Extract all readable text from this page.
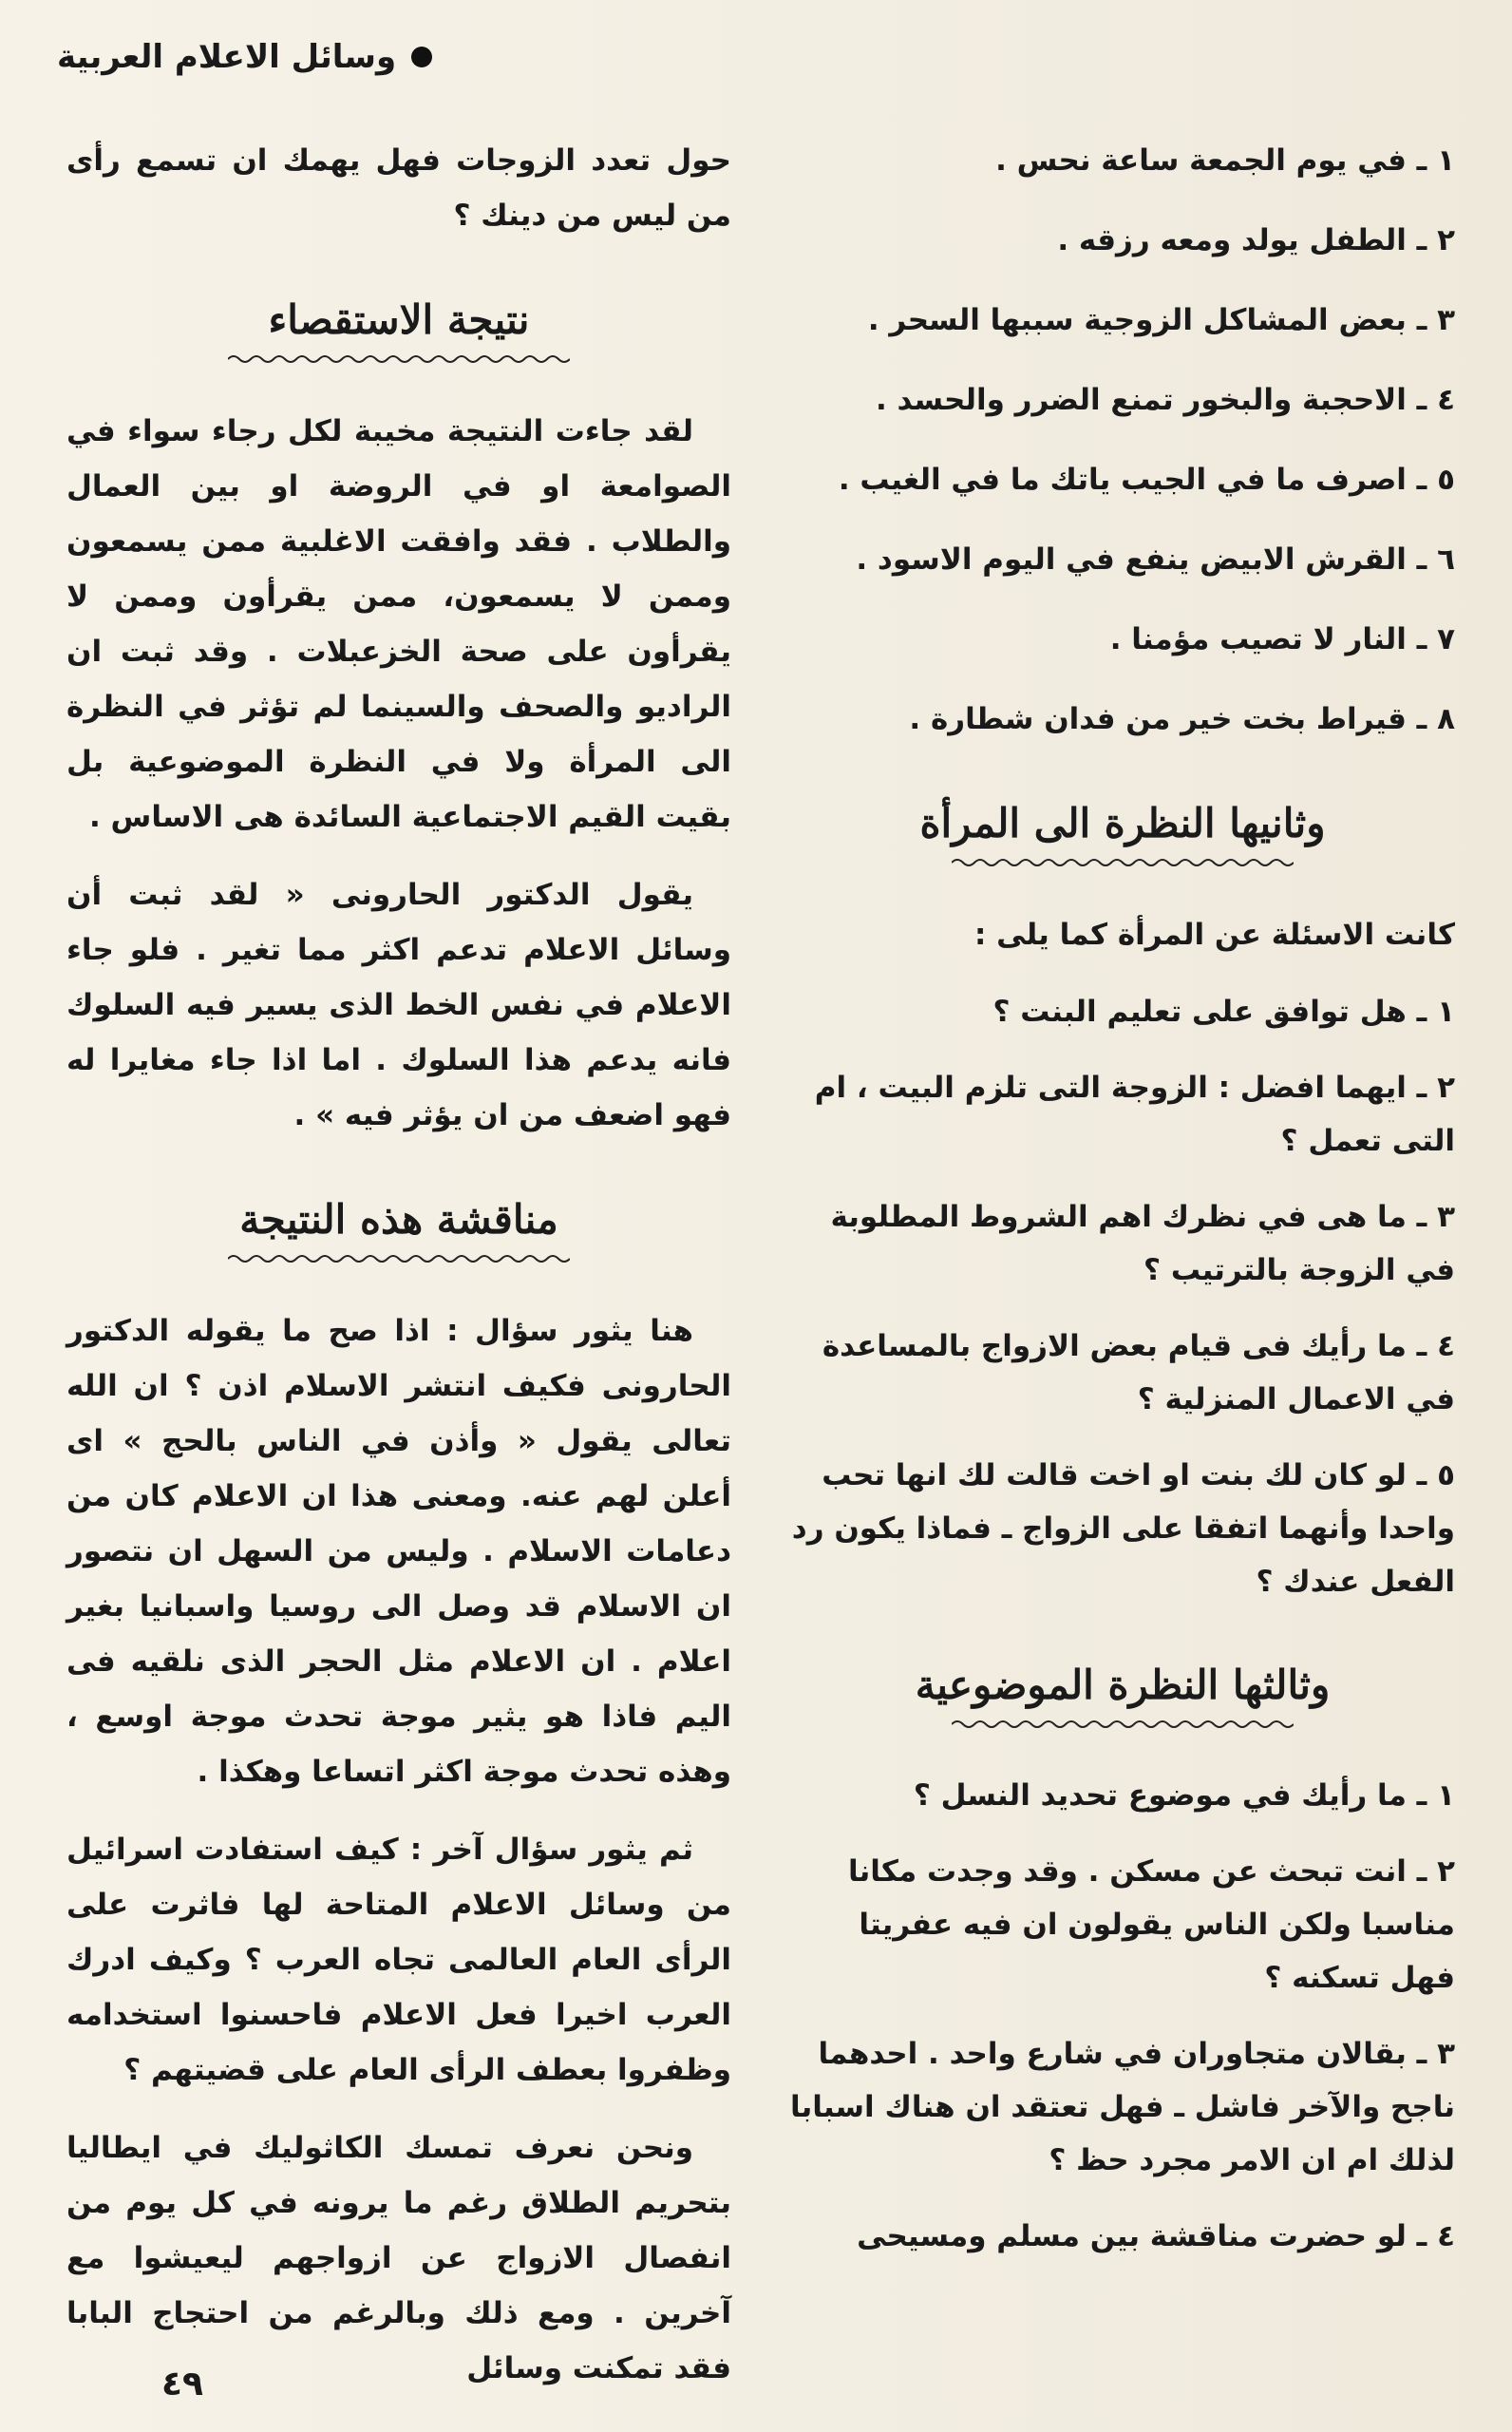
وسائل الاعلام العربية
١ ـ في يوم الجمعة ساعة نحس .
٢ ـ الطفل يولد ومعه رزقه .
٣ ـ بعض المشاكل الزوجية سببها السحر .
٤ ـ الاحجبة والبخور تمنع الضرر والحسد .
٥ ـ اصرف ما في الجيب ياتك ما في الغيب .
٦ ـ القرش الابيض ينفع في اليوم الاسود .
٧ ـ النار لا تصيب مؤمنا .
٨ ـ قيراط بخت خير من فدان شطارة .
وثانيها النظرة الى المرأة

كانت الاسئلة عن المرأة كما يلى :

١ ـ هل توافق على تعليم البنت ؟
٢ ـ ايهما افضل : الزوجة التى تلزم البيت ، ام التى تعمل ؟
٣ ـ ما هى في نظرك اهم الشروط المطلوبة في الزوجة بالترتيب ؟
٤ ـ ما رأيك فى قيام بعض الازواج بالمساعدة في الاعمال المنزلية ؟
٥ ـ لو كان لك بنت او اخت قالت لك انها تحب واحدا وأنهما اتفقا على الزواج ـ فماذا يكون رد الفعل عندك ؟
وثالثها النظرة الموضوعية
١ ـ ما رأيك في موضوع تحديد النسل ؟
٢ ـ انت تبحث عن مسكن . وقد وجدت مكانا مناسبا ولكن الناس يقولون ان فيه عفريتا فهل تسكنه ؟
٣ ـ بقالان متجاوران في شارع واحد . احدهما ناجح والآخر فاشل ـ فهل تعتقد ان هناك اسبابا لذلك ام ان الامر مجرد حظ ؟
٤ ـ لو حضرت مناقشة بين مسلم ومسيحى

حول تعدد الزوجات فهل يهمك ان تسمع رأى من ليس من دينك ؟

نتيجة الاستقصاء

لقد جاءت النتيجة مخيبة لكل رجاء سواء في الصوامعة او في الروضة او بين العمال والطلاب . فقد وافقت الاغلبية ممن يسمعون وممن لا يسمعون، ممن يقرأون وممن لا يقرأون على صحة الخزعبلات . وقد ثبت ان الراديو والصحف والسينما لم تؤثر في النظرة الى المرأة ولا في النظرة الموضوعية بل بقيت القيم الاجتماعية السائدة هى الاساس .

يقول الدكتور الحارونى « لقد ثبت أن وسائل الاعلام تدعم اكثر مما تغير . فلو جاء الاعلام في نفس الخط الذى يسير فيه السلوك فانه يدعم هذا السلوك . اما اذا جاء مغايرا له فهو اضعف من ان يؤثر فيه » .

مناقشة هذه النتيجة

هنا يثور سؤال : اذا صح ما يقوله الدكتور الحارونى فكيف انتشر الاسلام اذن ؟ ان الله تعالى يقول « وأذن في الناس بالحج » اى أعلن لهم عنه. ومعنى هذا ان الاعلام كان من دعامات الاسلام . وليس من السهل ان نتصور ان الاسلام قد وصل الى روسيا واسبانيا بغير اعلام . ان الاعلام مثل الحجر الذى نلقيه فى اليم فاذا هو يثير موجة تحدث موجة اوسع ، وهذه تحدث موجة اكثر اتساعا وهكذا .

ثم يثور سؤال آخر : كيف استفادت اسرائيل من وسائل الاعلام المتاحة لها فاثرت على الرأى العام العالمى تجاه العرب ؟ وكيف ادرك العرب اخيرا فعل الاعلام فاحسنوا استخدامه وظفروا بعطف الرأى العام على قضيتهم ؟

ونحن نعرف تمسك الكاثوليك في ايطاليا بتحريم الطلاق رغم ما يرونه في كل يوم من انفصال الازواج عن ازواجهم ليعيشوا مع آخرين . ومع ذلك وبالرغم من احتجاج البابا فقد تمكنت وسائل

٤٩
